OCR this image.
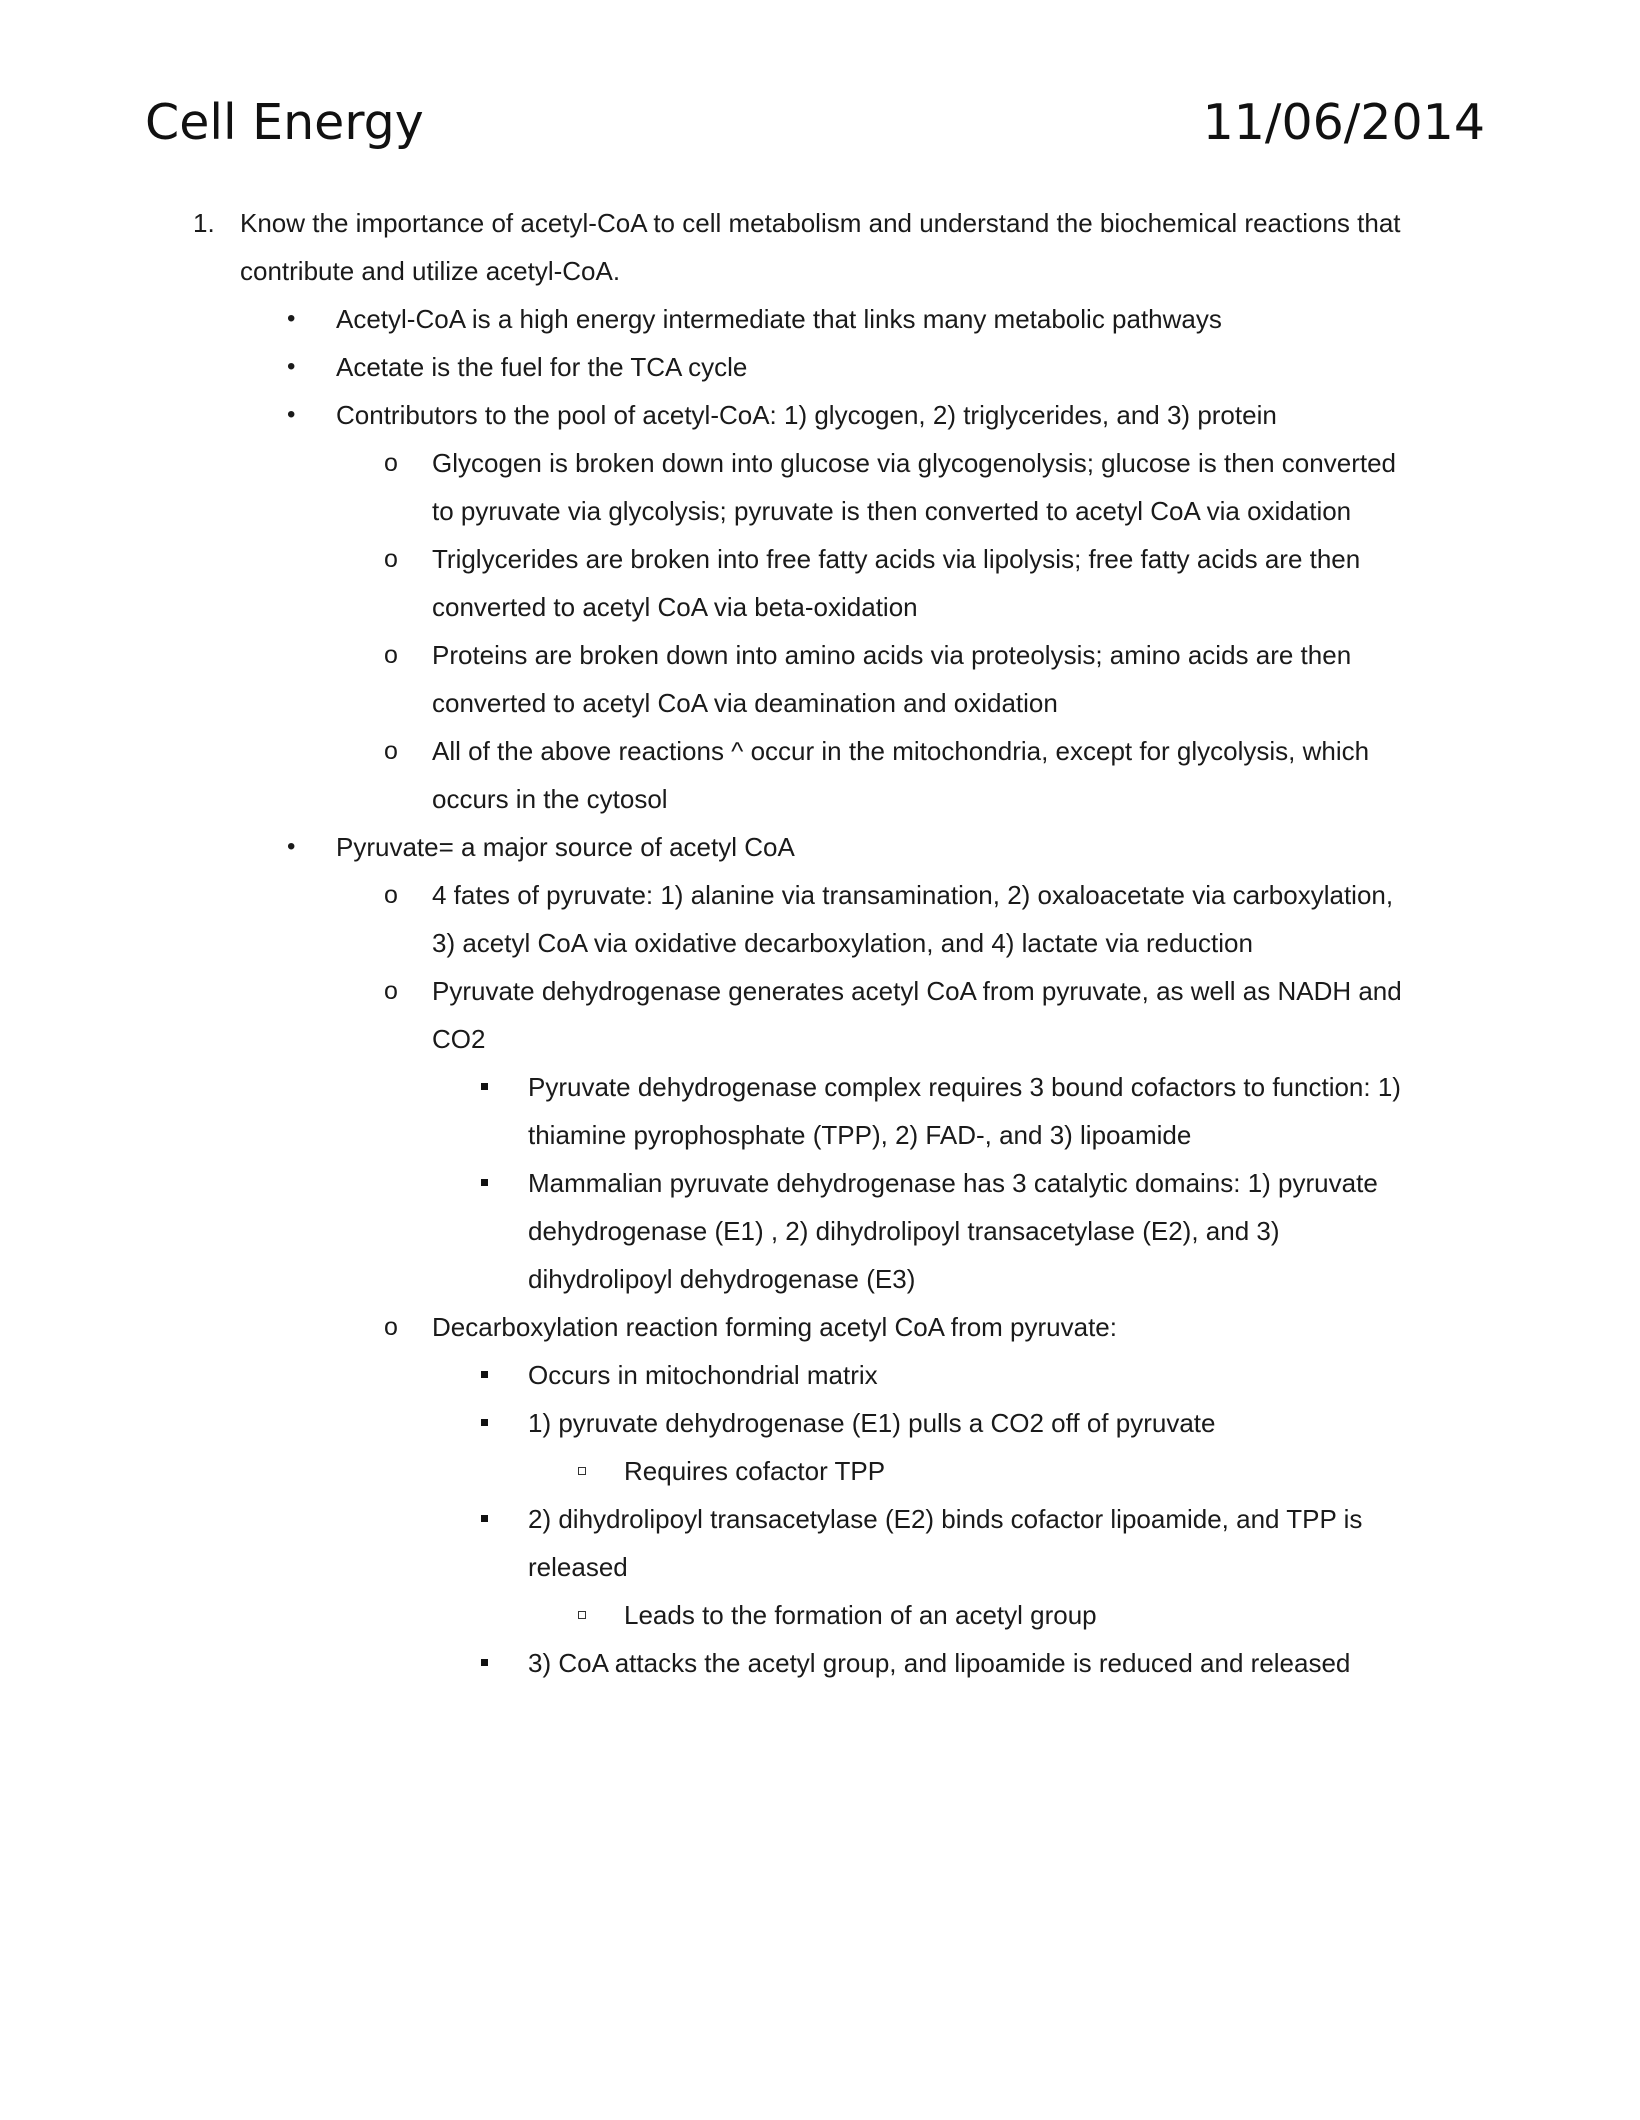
Cell Energy	11/06/2014
1. Know the importance of acetyl-CoA to cell metabolism and understand the biochemical reactions that
contribute and utilize acetyl-CoA.
• Acetyl-CoA is a high energy intermediate that links many metabolic pathways
• Acetate is the fuel for the TCA cycle
• Contributors to the pool of acetyl-CoA: 1) glycogen, 2) triglycerides, and 3) protein
o Glycogen is broken down into glucose via glycogenolysis; glucose is then converted
to pyruvate via glycolysis; pyruvate is then converted to acetyl CoA via oxidation
o Triglycerides are broken into free fatty acids via lipolysis; free fatty acids are then
converted to acetyl CoA via beta-oxidation
o Proteins are broken down into amino acids via proteolysis; amino acids are then
converted to acetyl CoA via deamination and oxidation
o All of the above reactions ^ occur in the mitochondria, except for glycolysis, which
occurs in the cytosol
• Pyruvate= a major source of acetyl CoA
o 4 fates of pyruvate: 1) alanine via transamination, 2) oxaloacetate via carboxylation,
3) acetyl CoA via oxidative decarboxylation, and 4) lactate via reduction
o Pyruvate dehydrogenase generates acetyl CoA from pyruvate, as well as NADH and
CO2
Pyruvate dehydrogenase complex requires 3 bound cofactors to function: 1)
thiamine pyrophosphate (TPP), 2) FAD-, and 3) lipoamide
Mammalian pyruvate dehydrogenase has 3 catalytic domains: 1) pyruvate
dehydrogenase (E1) , 2) dihydrolipoyl transacetylase (E2), and 3)
dihydrolipoyl dehydrogenase (E3)
o Decarboxylation reaction forming acetyl CoA from pyruvate:
Occurs in mitochondrial matrix
1) pyruvate dehydrogenase (E1) pulls a CO2 off of pyruvate
Requires cofactor TPP
2) dihydrolipoyl transacetylase (E2) binds cofactor lipoamide, and TPP is
released
Leads to the formation of an acetyl group
3) CoA attacks the acetyl group, and lipoamide is reduced and released
